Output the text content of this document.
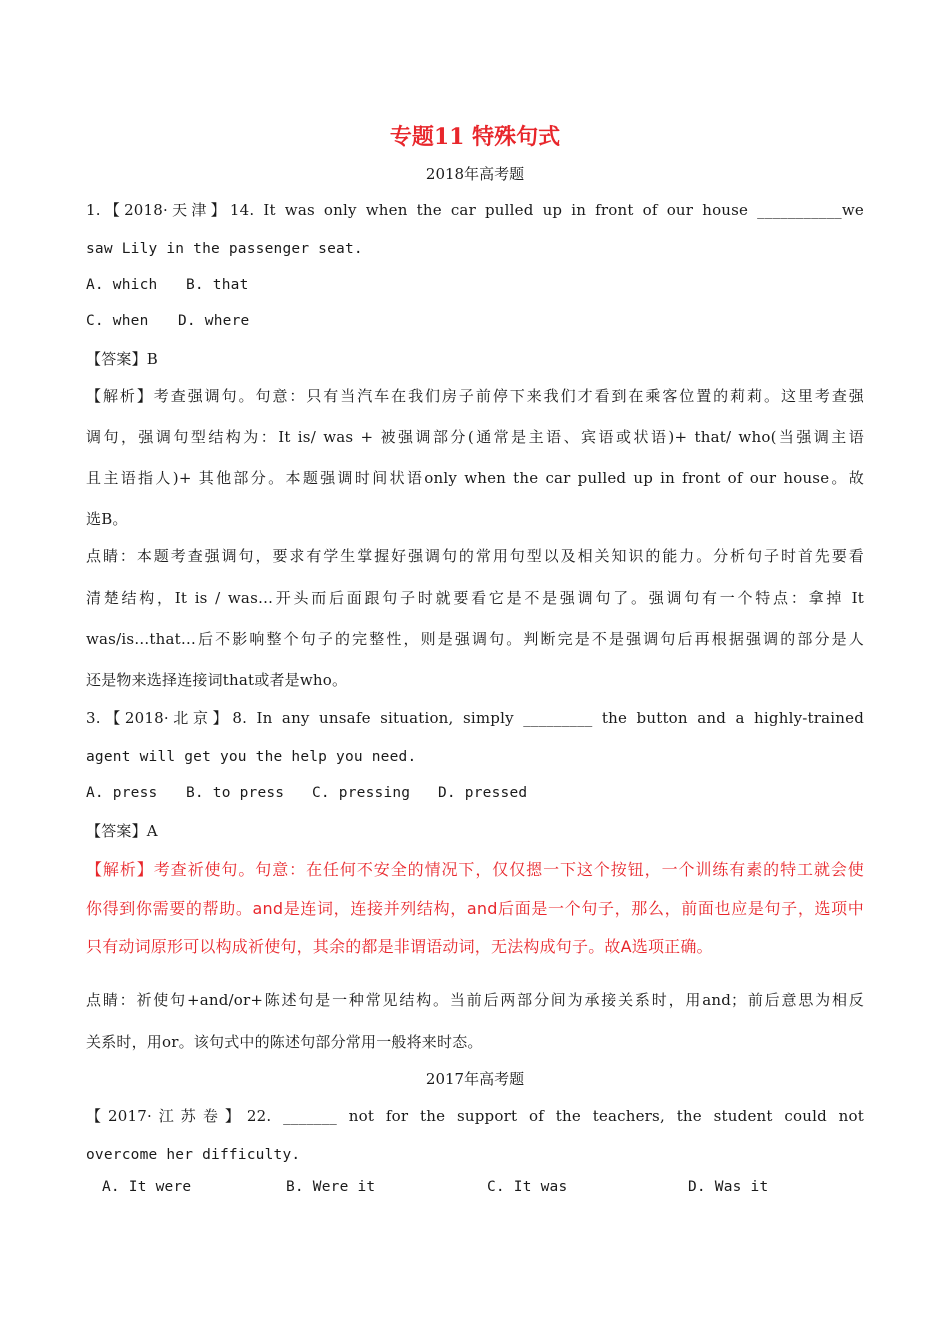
专题11 特殊句式
2018年高考题
1.【2018·天津】14. It was only when the car pulled up in front of our house ___________we
saw Lily in the passenger seat.
A. which B. that
C. when D. where
【答案】B
【解析】考查强调句。句意：只有当汽车在我们房子前停下来我们才看到在乘客位置的莉莉。这里考查强
调句，强调句型结构为：It is/ was + 被强调部分(通常是主语、宾语或状语)+ that/ who(当强调主语
且主语指人)+ 其他部分。本题强调时间状语only when the car pulled up in front of our house。故
选B。
点睛：本题考查强调句，要求有学生掌握好强调句的常用句型以及相关知识的能力。分析句子时首先要看
清楚结构，It is / was…开头而后面跟句子时就要看它是不是强调句了。强调句有一个特点：拿掉 It
was/is…that…后不影响整个句子的完整性，则是强调句。判断完是不是强调句后再根据强调的部分是人
还是物来选择连接词that或者是who。
3.【2018·北京】8. In any unsafe situation, simply _________ the button and a highly-trained
agent will get you the help you need.
A. press B. to press C. pressing D. pressed
【答案】A
【解析】考查祈使句。句意：在任何不安全的情况下，仅仅摁一下这个按钮，一个训练有素的特工就会使
你得到你需要的帮助。and是连词，连接并列结构，and后面是一个句子，那么，前面也应是句子，选项中
只有动词原形可以构成祈使句，其余的都是非谓语动词，无法构成句子。故A选项正确。
点睛：祈使句+and/or+陈述句是一种常见结构。当前后两部分间为承接关系时，用and；前后意思为相反
关系时，用or。该句式中的陈述句部分常用一般将来时态。
2017年高考题
【2017·江苏卷】22. _______ not for the support of the teachers, the student could not
overcome her difficulty.
A. It were	B. Were it	C. It was	D. Was it
